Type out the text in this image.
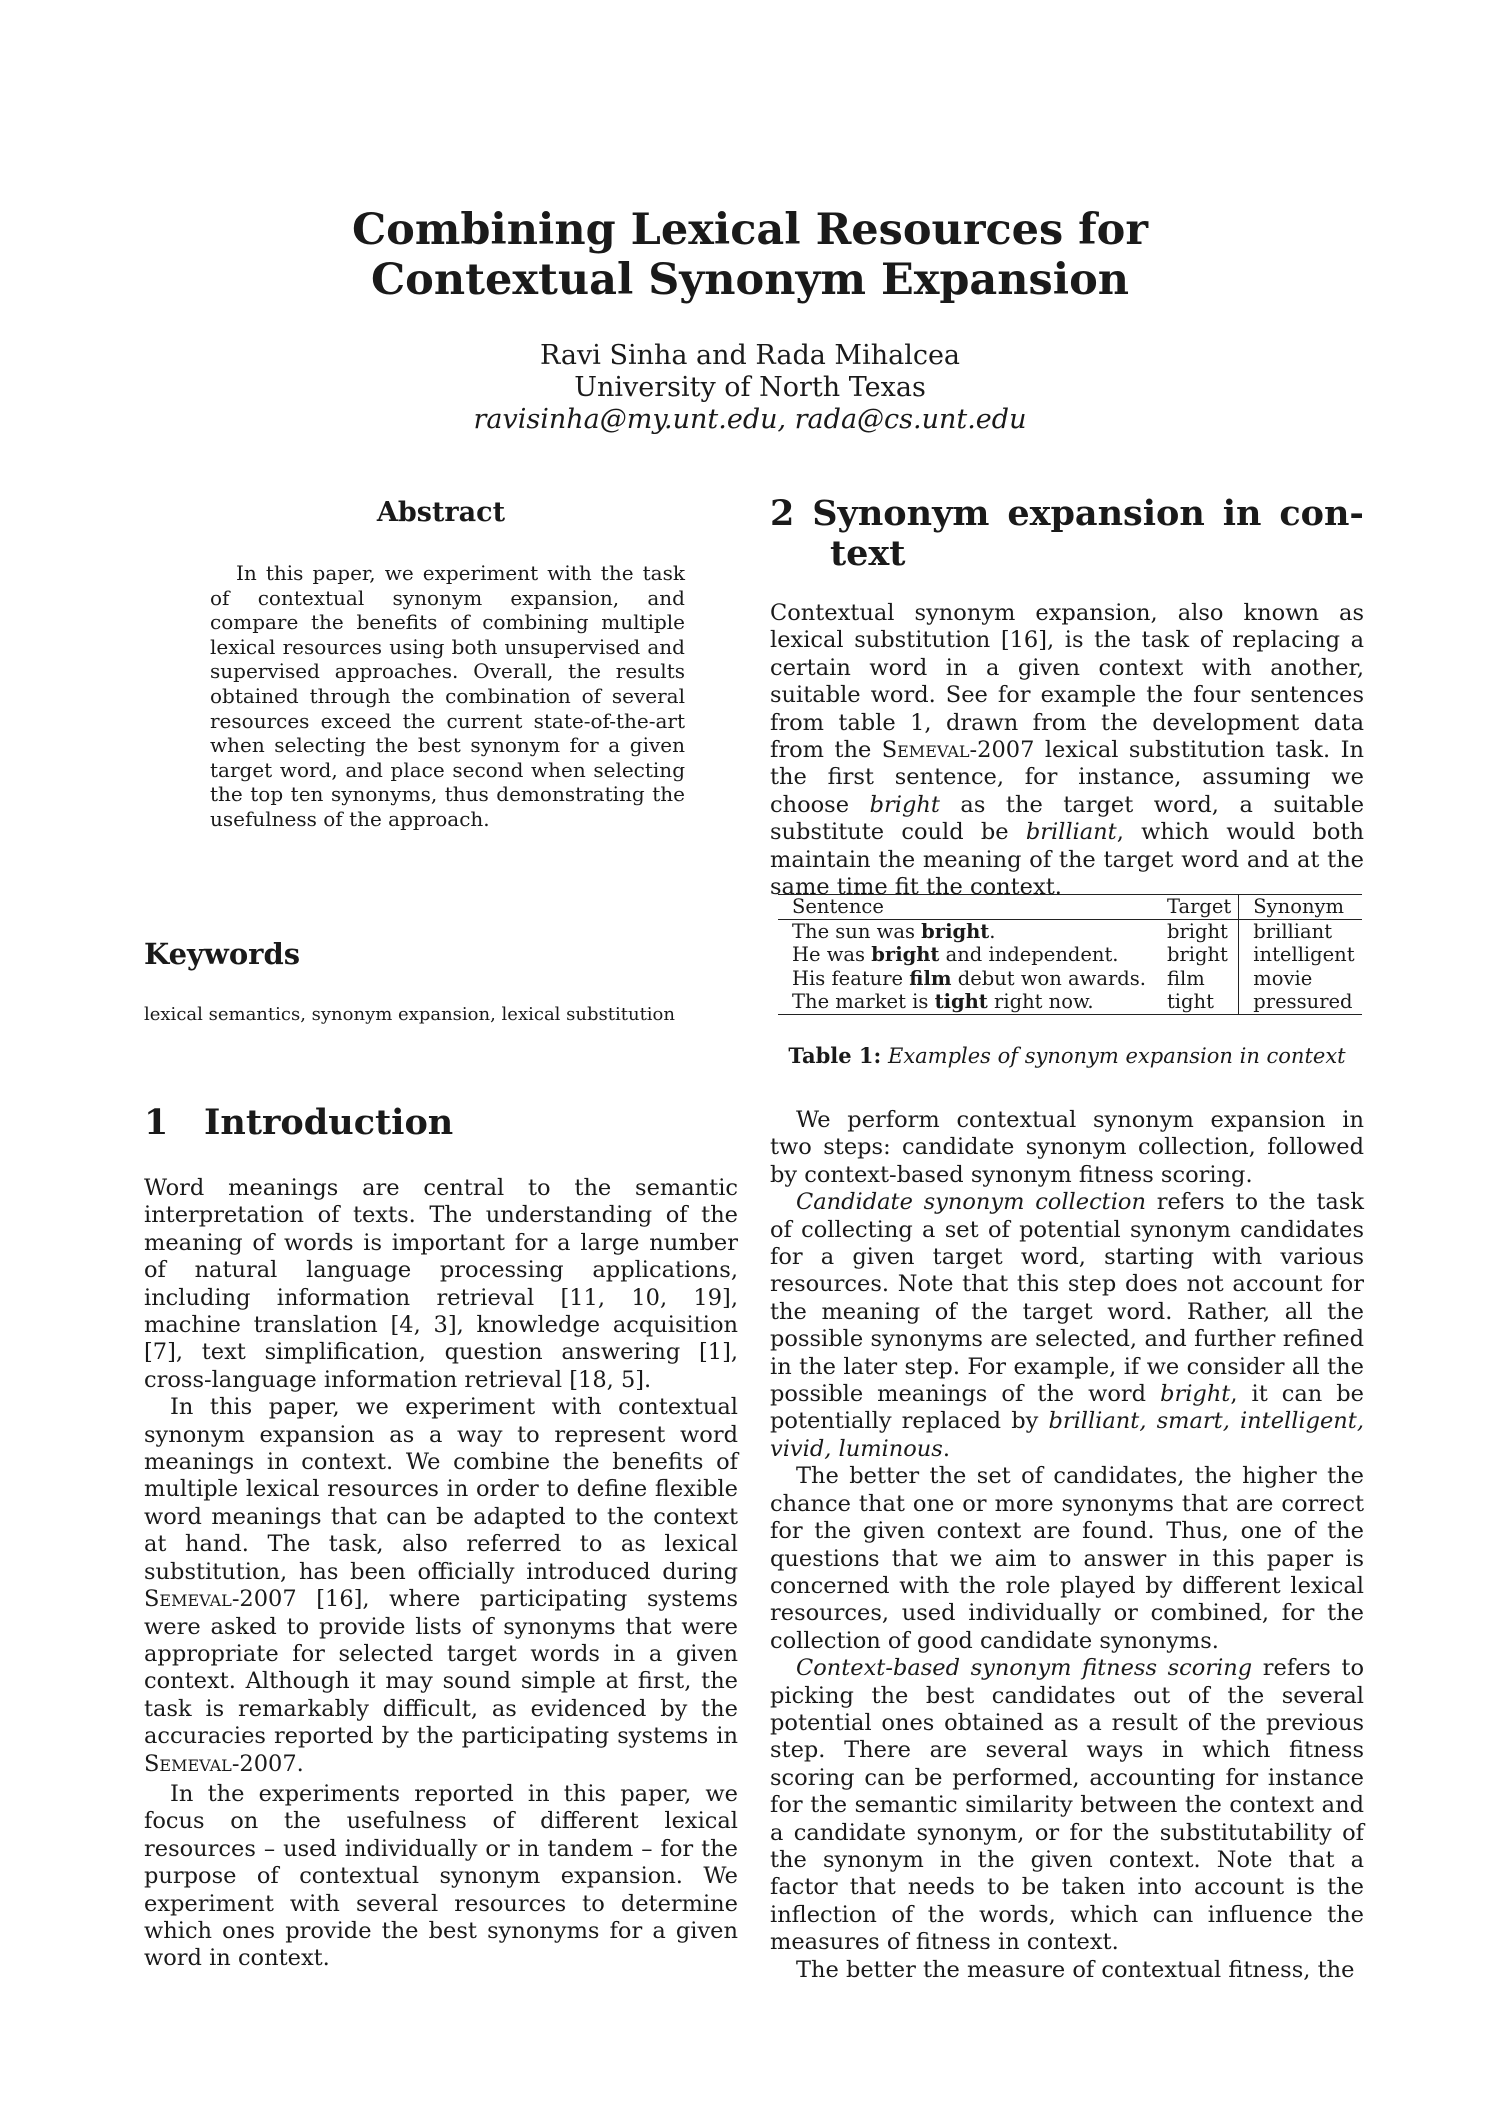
Combining Lexical Resources for
Contextual Synonym Expansion
Ravi Sinha and Rada Mihalcea
University of North Texas
ravisinha@my.unt.edu, rada@cs.unt.edu
Abstract

In this paper, we experiment with the task of contextual synonym expansion, and compare the benefits of combining multiple lexical resources using both unsupervised and supervised approaches. Overall, the results obtained through the combination of several resources exceed the current state-of-the-art when selecting the best synonym for a given target word, and place second when selecting the top ten synonyms, thus demonstrating the usefulness of the approach.

Keywords
lexical semantics, synonym expansion, lexical substitution
1 Introduction

Word meanings are central to the semantic interpretation of texts. The understanding of the meaning of words is important for a large number of natural language processing applications, including information retrieval [11, 10, 19], machine translation [4, 3], knowledge acquisition [7], text simplification, question answering [1], cross-language information retrieval [18, 5].

In this paper, we experiment with contextual synonym expansion as a way to represent word meanings in context. We combine the benefits of multiple lexical resources in order to define flexible word meanings that can be adapted to the context at hand. The task, also referred to as lexical substitution, has been officially introduced during Semeval-2007 [16], where participating systems were asked to provide lists of synonyms that were appropriate for selected target words in a given context. Although it may sound simple at first, the task is remarkably difficult, as evidenced by the accuracies reported by the participating systems in Semeval-2007.

In the experiments reported in this paper, we focus on the usefulness of different lexical resources – used individually or in tandem – for the purpose of contextual synonym expansion. We experiment with several resources to determine which ones provide the best synonyms for a given word in context.

2 Synonym expansion in con-
text

Contextual synonym expansion, also known as lexical substitution [16], is the task of replacing a certain word in a given context with another, suitable word. See for example the four sentences from table 1, drawn from the development data from the Semeval-2007 lexical substitution task. In the first sentence, for instance, assuming we choose bright as the target word, a suitable substitute could be brilliant, which would both maintain the meaning of the target word and at the same time fit the context.

Sentence	Target	Synonym
The sun was bright.	bright	brilliant
He was bright and independent.	bright	intelligent
His feature film debut won awards.	film	movie
The market is tight right now.	tight	pressured
Table 1: Examples of synonym expansion in context

We perform contextual synonym expansion in two steps: candidate synonym collection, followed by context-based synonym fitness scoring.

Candidate synonym collection refers to the task of collecting a set of potential synonym candidates for a given target word, starting with various resources. Note that this step does not account for the meaning of the target word. Rather, all the possible synonyms are selected, and further refined in the later step. For example, if we consider all the possible meanings of the word bright, it can be potentially replaced by brilliant, smart, intelligent, vivid, luminous.

The better the set of candidates, the higher the chance that one or more synonyms that are correct for the given context are found. Thus, one of the questions that we aim to answer in this paper is concerned with the role played by different lexical resources, used individually or combined, for the collection of good candidate synonyms.

Context-based synonym fitness scoring refers to picking the best candidates out of the several potential ones obtained as a result of the previous step. There are several ways in which fitness scoring can be performed, accounting for instance for the semantic similarity between the context and a candidate synonym, or for the substitutability of the synonym in the given context. Note that a factor that needs to be taken into account is the inflection of the words, which can influence the measures of fitness in context.

The better the measure of contextual fitness, the
